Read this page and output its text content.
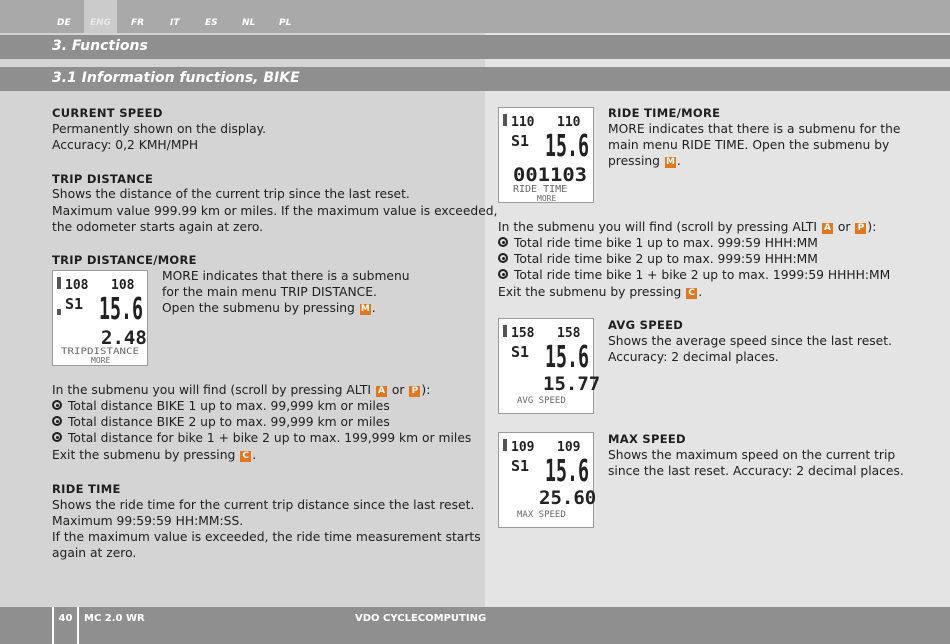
DE	ENG	FR	IT	ES	NL	PL
3. Functions
3.1 Information functions, BIKE
CURRENT SPEED
Permanently shown on the display.
Accuracy: 0,2 KMH/MPH
TRIP DISTANCE
Shows the distance of the current trip since the last reset.
Maximum value 999.99 km or miles. If the maximum value is exceeded,
the odometer starts again at zero.
TRIP DISTANCE/MORE
108 108
S1 15.6
2.48
TRIPDISTANCE
MORE
MORE indicates that there is a submenu
for the main menu TRIP DISTANCE.
Open the submenu by pressing M .
In the submenu you will find (scroll by pressing ALTI A or P ):
Total distance BIKE 1 up to max. 99,999 km or miles
Total distance BIKE 2 up to max. 99,999 km or miles
Total distance for bike 1 + bike 2 up to max. 199,999 km or miles
Exit the submenu by pressing C .
RIDE TIME
Shows the ride time for the current trip distance since the last reset.
Maximum 99:59:59 HH:MM:SS.
If the maximum value is exceeded, the ride time measurement starts
again at zero.
110 110
S1 15.6
001103
RIDE TIME
MORE
RIDE TIME/MORE
MORE indicates that there is a submenu for the
main menu RIDE TIME. Open the submenu by
pressing M .
In the submenu you will find (scroll by pressing ALTI A or P ):
Total ride time bike 1 up to max. 999:59 HHH:MM
Total ride time bike 2 up to max. 999:59 HHH:MM
Total ride time bike 1 + bike 2 up to max. 1999:59 HHHH:MM
Exit the submenu by pressing C .
158 158
S1 15.6
15.77
AVG SPEED
AVG SPEED
Shows the average speed since the last reset.
Accuracy: 2 decimal places.
109 109
S1 15.6
25.60
MAX SPEED
MAX SPEED
Shows the maximum speed on the current trip
since the last reset. Accuracy: 2 decimal places.
40	MC 2.0 WR	VDO CYCLECOMPUTING
